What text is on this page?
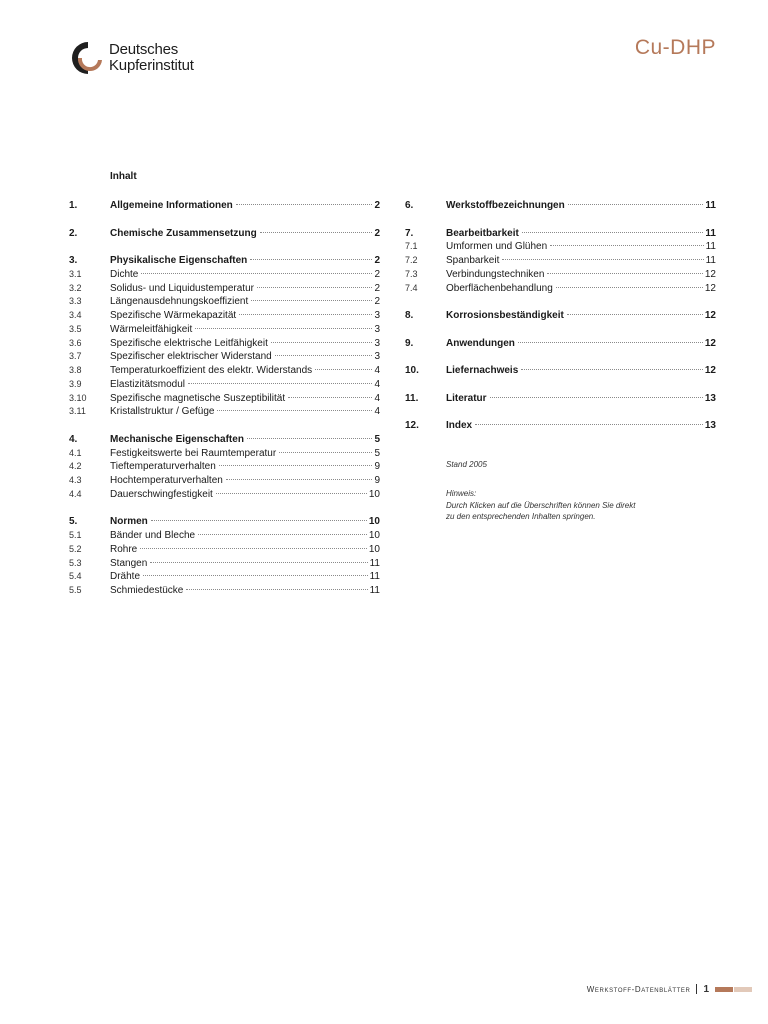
Deutsches
Kupferinstitut
Cu-DHP
Inhalt
1.	Allgemeine Informationen	2
2.	Chemische Zusammensetzung	2
3.	Physikalische Eigenschaften	2
3.1	Dichte	2
3.2	Solidus- und Liquidustemperatur	2
3.3	Längenausdehnungskoeffizient	2
3.4	Spezifische Wärmekapazität	3
3.5	Wärmeleitfähigkeit	3
3.6	Spezifische elektrische Leitfähigkeit	3
3.7	Spezifischer elektrischer Widerstand	3
3.8	Temperaturkoeffizient des elektr. Widerstands	4
3.9	Elastizitätsmodul	4
3.10 Spezifische magnetische Suszeptibilität	4
3.11 Kristallstruktur / Gefüge	4
4.	Mechanische Eigenschaften	5
4.1	Festigkeitswerte bei Raumtemperatur	5
4.2	Tieftemperaturverhalten	9
4.3	Hochtemperaturverhalten	9
4.4	Dauerschwingfestigkeit	10
5.	Normen	10
5.1	Bänder und Bleche	10
5.2	Rohre	10
5.3	Stangen	11
5.4	Drähte	11
5.5	Schmiedestücke	11
6.	Werkstoffbezeichnungen	11
7.	Bearbeitbarkeit	11
7.1	Umformen und Glühen	11
7.2	Spanbarkeit	11
7.3	Verbindungstechniken	12
7.4	Oberflächenbehandlung	12
8.	Korrosionsbeständigkeit	12
9.	Anwendungen	12
10.	Liefernachweis	12
11.	Literatur	13
12.	Index	13
Stand 2005
Hinweis:
Durch Klicken auf die Überschriften können Sie direkt
zu den entsprechenden Inhalten springen.
Werkstoff-Datenblätter 1
